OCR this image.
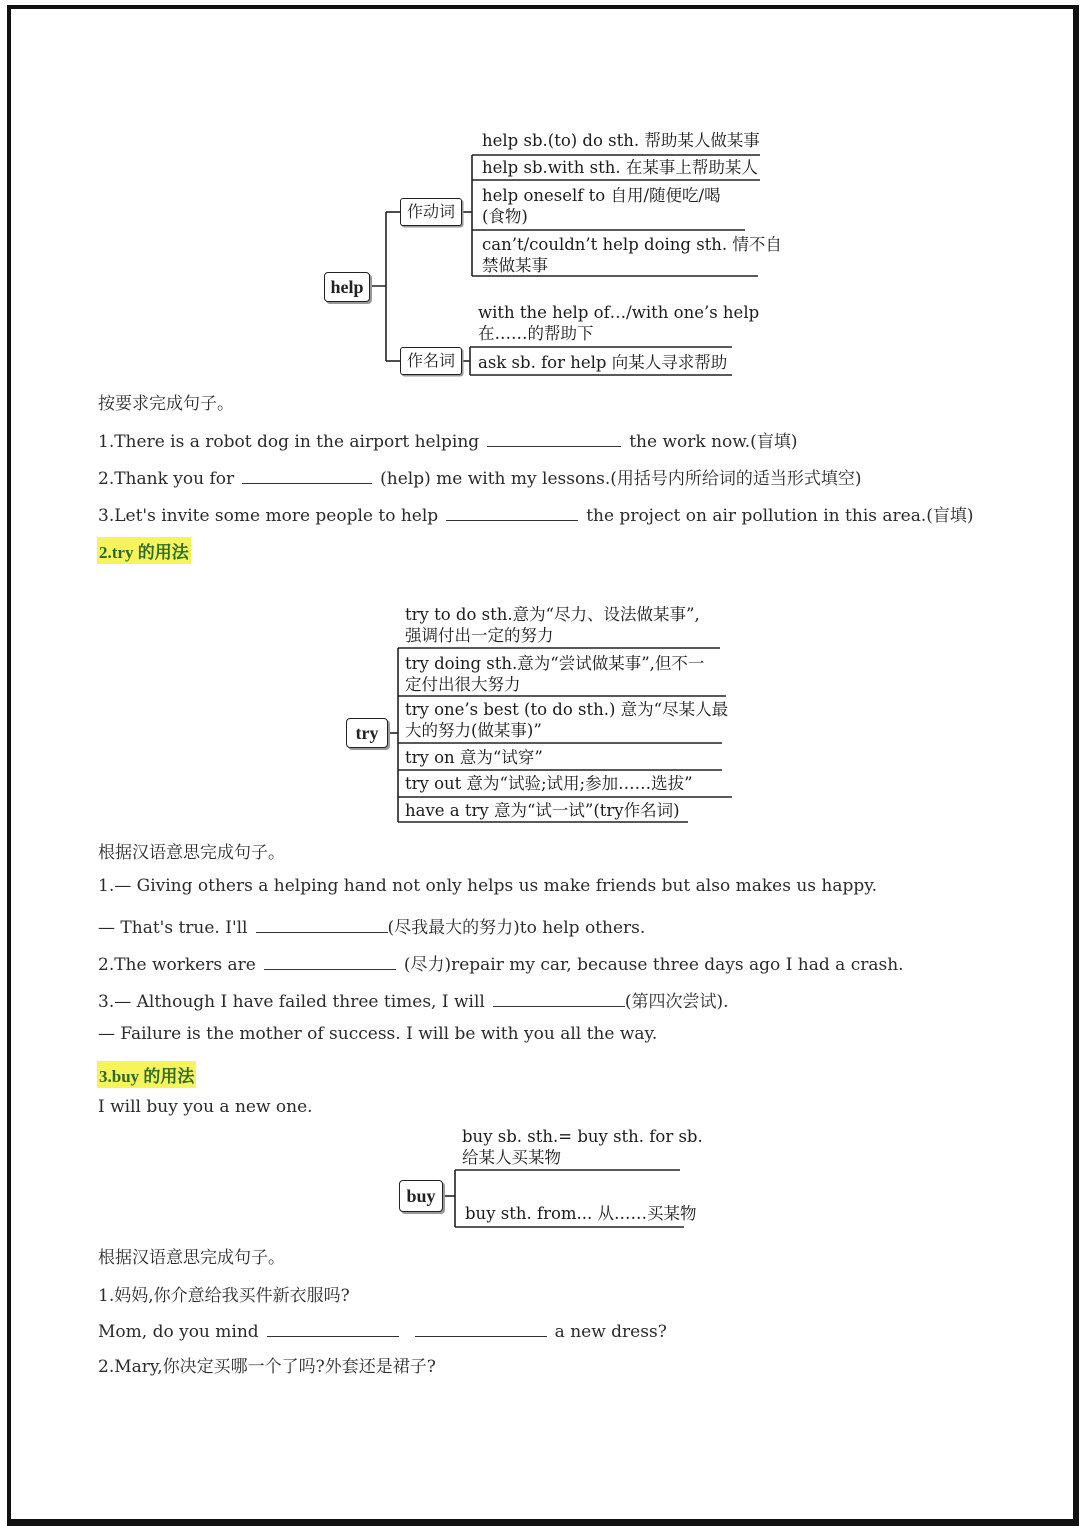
help
作动词
作名词
help sb.(to) do sth. 帮助某人做某事
help sb.with sth. 在某事上帮助某人
help oneself to 自用/随便吃/喝
(食物)
can’t/couldn’t help doing sth. 情不自
禁做某事
with the help of…/with one’s help
在……的帮助下
ask sb. for help 向某人寻求帮助
按要求完成句子。
1.There is a robot dog in the airport helping	the work now.(盲填)
2.Thank you for	(help) me with my lessons.(用括号内所给词的适当形式填空)
3.Let's invite some more people to help	the project on air pollution in this area.(盲填)
2.try 的用法
try
try to do sth.意为“尽力、设法做某事”,
强调付出一定的努力
try doing sth.意为“尝试做某事”,但不一
定付出很大努力
try one’s best (to do sth.) 意为“尽某人最
大的努力(做某事)”
try on 意为“试穿”
try out 意为“试验;试用;参加……选拔”
have a try 意为“试一试”(try作名词)
根据汉语意思完成句子。
1.— Giving others a helping hand not only helps us make friends but also makes us happy.
— That's true. I'll	(尽我最大的努力)to help others.
2.The workers are	(尽力)repair my car, because three days ago I had a crash.
3.— Although I have failed three times, I will	(第四次尝试).
— Failure is the mother of success. I will be with you all the way.
3.buy 的用法
I will buy you a new one.
buy
buy sb. sth.= buy sth. for sb.
给某人买某物
buy sth. from... 从……买某物
根据汉语意思完成句子。
1.妈妈,你介意给我买件新衣服吗?
Mom, do you mind	a new dress?
2.Mary,你决定买哪一个了吗?外套还是裙子?
